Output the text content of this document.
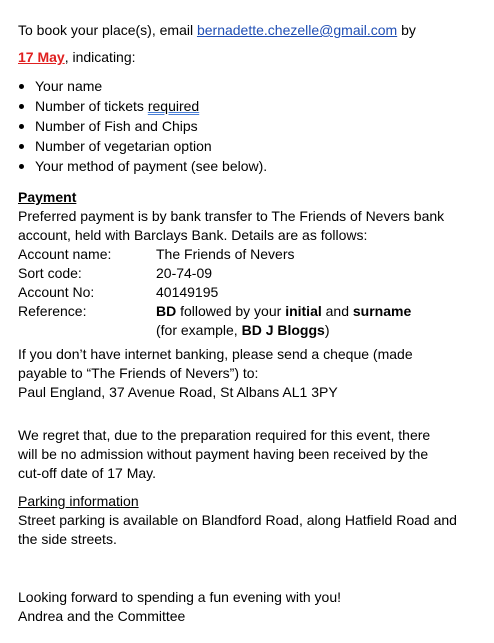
To book your place(s), email bernadette.chezelle@gmail.com by
17 May, indicating:
Your name
Number of tickets required
Number of Fish and Chips
Number of vegetarian option
Your method of payment (see below).
Payment
Preferred payment is by bank transfer to The Friends of Nevers bank
account, held with Barclays Bank. Details are as follows:
Account name:	The Friends of Nevers
Sort code:	20-74-09
Account No:	40149195
Reference:	BD followed by your initial and surname
(for example, BD J Bloggs)
If you don’t have internet banking, please send a cheque (made
payable to “The Friends of Nevers”) to:
Paul England, 37 Avenue Road, St Albans AL1 3PY
We regret that, due to the preparation required for this event, there
will be no admission without payment having been received by the
cut-off date of 17 May.
Parking information
Street parking is available on Blandford Road, along Hatfield Road and
the side streets.
Looking forward to spending a fun evening with you!
Andrea and the Committee
